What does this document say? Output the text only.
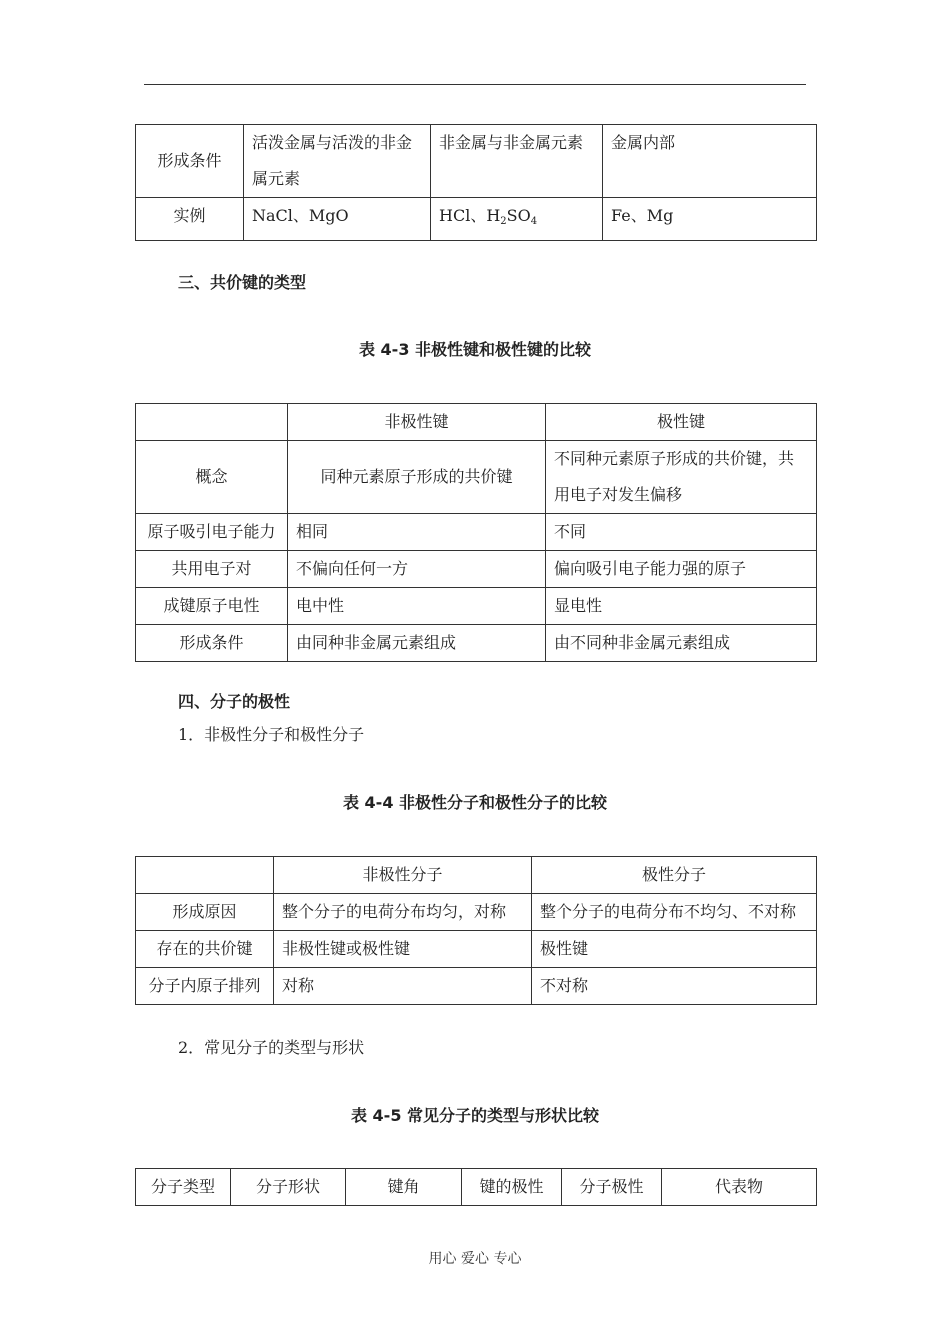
形成条件	活泼金属与活泼的非金属元素	非金属与非金属元素	金属内部
实例	NaCl、MgO	HCl、$H_2SO_4$	Fe、Mg
三、共价键的类型
表 4-3 非极性键和极性键的比较
	非极性键	极性键
概念	同种元素原子形成的共价键	不同种元素原子形成的共价键，共用电子对发生偏移
原子吸引电子能力	相同	不同
共用电子对	不偏向任何一方	偏向吸引电子能力强的原子
成键原子电性	电中性	显电性
形成条件	由同种非金属元素组成	由不同种非金属元素组成
四、分子的极性
1．非极性分子和极性分子
表 4-4 非极性分子和极性分子的比较
	非极性分子	极性分子
形成原因	整个分子的电荷分布均匀，对称	整个分子的电荷分布不均匀、不对称
存在的共价键	非极性键或极性键	极性键
分子内原子排列	对称	不对称
2．常见分子的类型与形状
表 4-5 常见分子的类型与形状比较
分子类型	分子形状	键角	键的极性	分子极性	代表物
用心 爱心 专心
